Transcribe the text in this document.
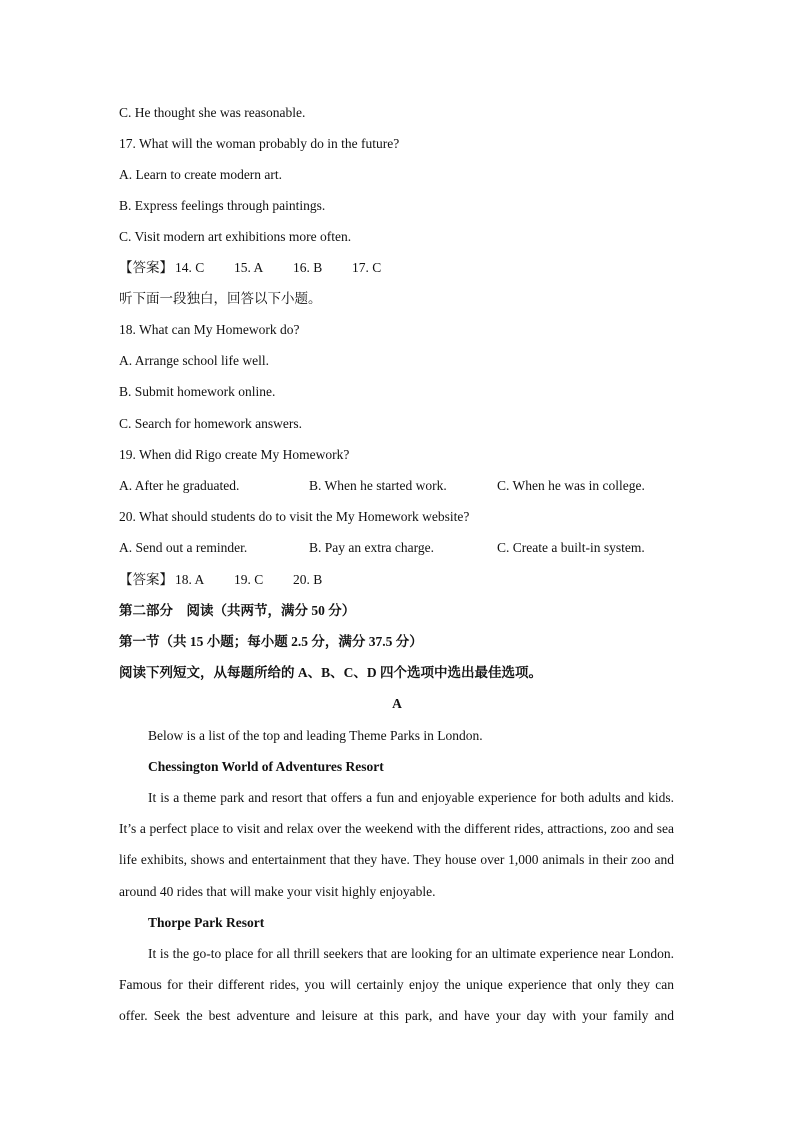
C. He thought she was reasonable.
17. What will the woman probably do in the future?
A. Learn to create modern art.
B. Express feelings through paintings.
C. Visit modern art exhibitions more often.
【答案】 14. C 15. A 16. B 17. C
听下面一段独白，回答以下小题。
18. What can My Homework do?
A. Arrange school life well.
B. Submit homework online.
C. Search for homework answers.
19. When did Rigo create My Homework?
A. After he graduated.	B. When he started work.	C. When he was in college.
20. What should students do to visit the My Homework website?
A. Send out a reminder.	B. Pay an extra charge.	C. Create a built-in system.
【答案】 18. A 19. C 20. B
第二部分　阅读（共两节，满分 50 分）
第一节（共 15 小题；每小题 2.5 分，满分 37.5 分）
阅读下列短文，从每题所给的 A、B、C、D 四个选项中选出最佳选项。
A
Below is a list of the top and leading Theme Parks in London.
Chessington World of Adventures Resort
It is a theme park and resort that offers a fun and enjoyable experience for both adults and kids. It’s a perfect place to visit and relax over the weekend with the different rides, attractions, zoo and sea life exhibits, shows and entertainment that they have. They house over 1,000 animals in their zoo and around 40 rides that will make your visit highly enjoyable.
Thorpe Park Resort
It is the go-to place for all thrill seekers that are looking for an ultimate experience near London. Famous for their different rides, you will certainly enjoy the unique experience that only they can offer. Seek the best adventure and leisure at this park, and have your day with your family and
